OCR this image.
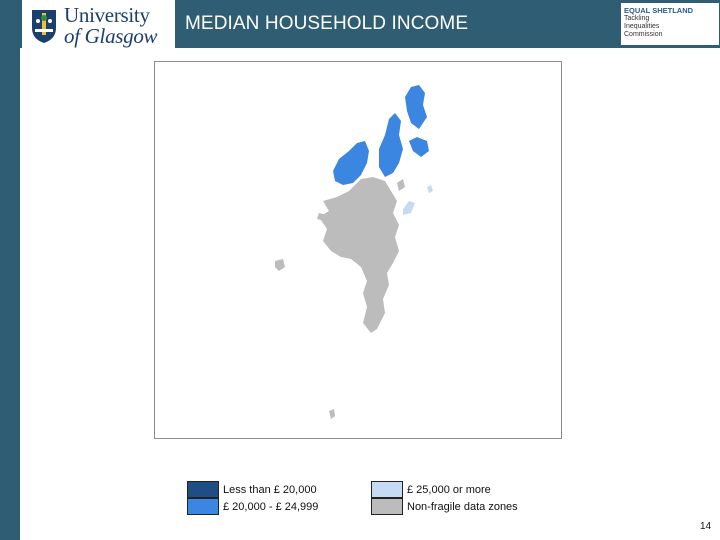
University
of Glasgow
MEDIAN HOUSEHOLD INCOME
EQUAL SHETLAND
Tackling
Inequalities
Commission
Less than £ 20,000	£ 25,000 or more
£ 20,000 - £ 24,999	Non-fragile data zones
14
